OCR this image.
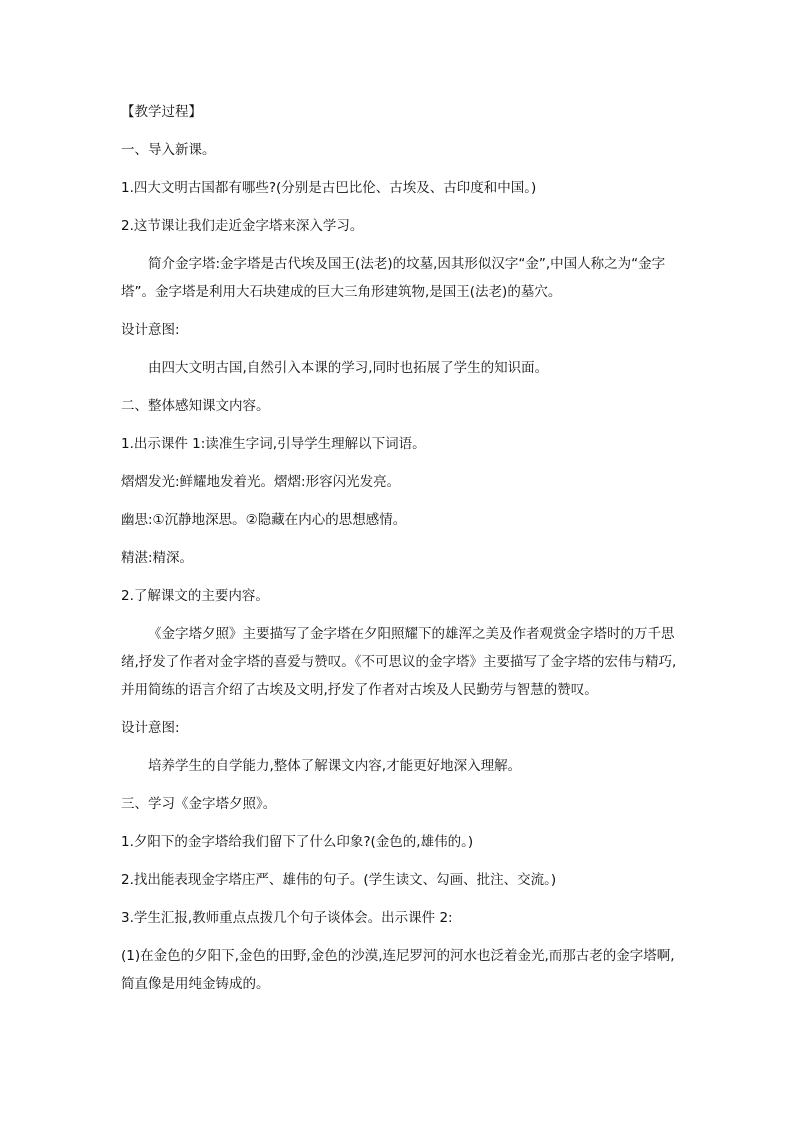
【教学过程】

一、导入新课。

1.四大文明古国都有哪些?(分别是古巴比伦、古埃及、古印度和中国。)

2.这节课让我们走近金字塔来深入学习。

简介金字塔:金字塔是古代埃及国王(法老)的坟墓,因其形似汉字“金”,中国人称之为“金字塔”。金字塔是利用大石块建成的巨大三角形建筑物,是国王(法老)的墓穴。

设计意图:

由四大文明古国,自然引入本课的学习,同时也拓展了学生的知识面。

二、整体感知课文内容。

1.出示课件 1:读准生字词,引导学生理解以下词语。

熠熠发光:鲜耀地发着光。熠熠:形容闪光发亮。

幽思:①沉静地深思。②隐藏在内心的思想感情。

精湛:精深。

2.了解课文的主要内容。

《金字塔夕照》主要描写了金字塔在夕阳照耀下的雄浑之美及作者观赏金字塔时的万千思绪,抒发了作者对金字塔的喜爱与赞叹。《不可思议的金字塔》主要描写了金字塔的宏伟与精巧,并用简练的语言介绍了古埃及文明,抒发了作者对古埃及人民勤劳与智慧的赞叹。

设计意图:

培养学生的自学能力,整体了解课文内容,才能更好地深入理解。

三、学习《金字塔夕照》。

1.夕阳下的金字塔给我们留下了什么印象?(金色的,雄伟的。)

2.找出能表现金字塔庄严、雄伟的句子。(学生读文、勾画、批注、交流。)

3.学生汇报,教师重点点拨几个句子谈体会。出示课件 2:

(1)在金色的夕阳下,金色的田野,金色的沙漠,连尼罗河的河水也泛着金光,而那古老的金字塔啊,简直像是用纯金铸成的。
